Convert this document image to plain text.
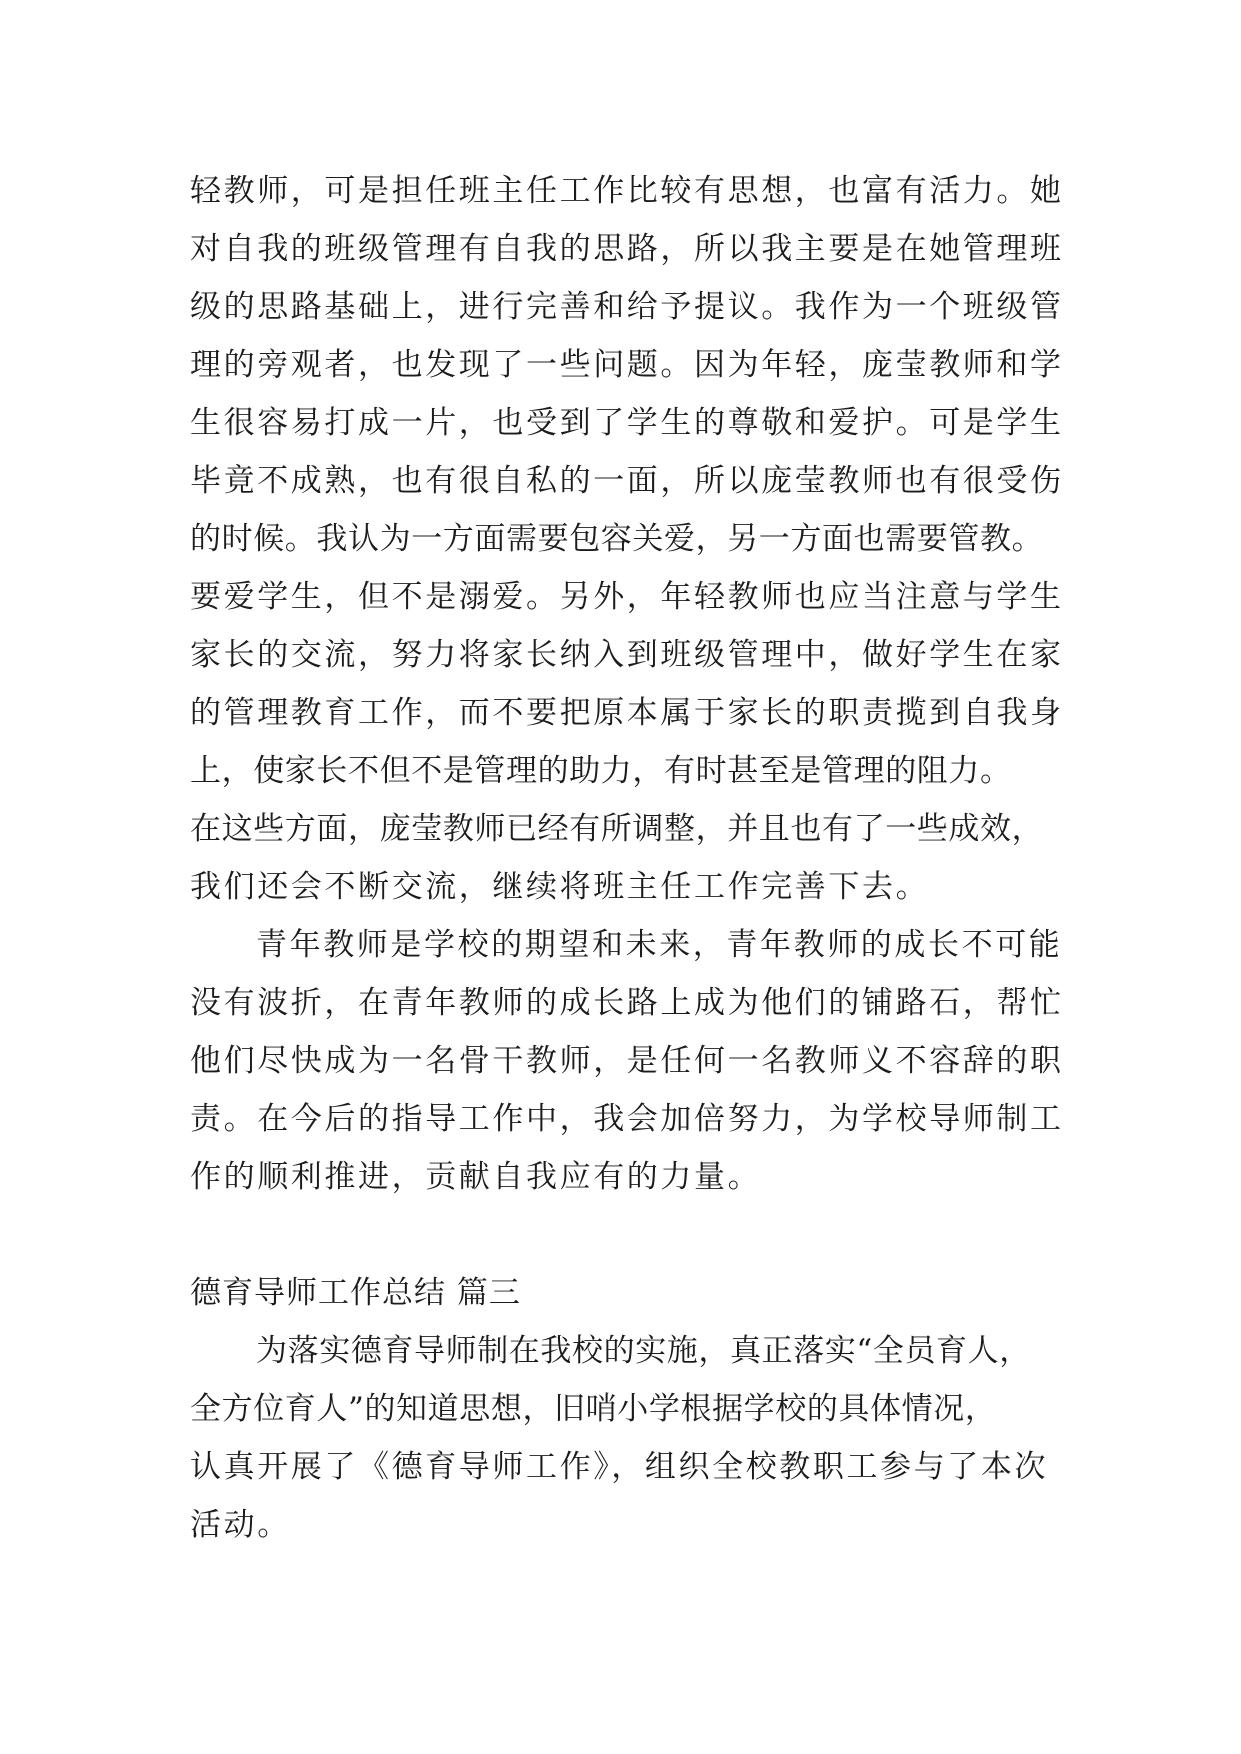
轻教师，可是担任班主任工作比较有思想，也富有活力。她
对自我的班级管理有自我的思路，所以我主要是在她管理班
级的思路基础上，进行完善和给予提议。我作为一个班级管
理的旁观者，也发现了一些问题。因为年轻，庞莹教师和学
生很容易打成一片，也受到了学生的尊敬和爱护。可是学生
毕竟不成熟，也有很自私的一面，所以庞莹教师也有很受伤
的时候。我认为一方面需要包容关爱，另一方面也需要管教。
要爱学生，但不是溺爱。另外，年轻教师也应当注意与学生
家长的交流，努力将家长纳入到班级管理中，做好学生在家
的管理教育工作，而不要把原本属于家长的职责揽到自我身
上，使家长不但不是管理的助力，有时甚至是管理的阻力。
在这些方面，庞莹教师已经有所调整，并且也有了一些成效，
我们还会不断交流，继续将班主任工作完善下去。
青年教师是学校的期望和未来，青年教师的成长不可能
没有波折，在青年教师的成长路上成为他们的铺路石，帮忙
他们尽快成为一名骨干教师，是任何一名教师义不容辞的职
责。在今后的指导工作中，我会加倍努力，为学校导师制工
作的顺利推进，贡献自我应有的力量。
德育导师工作总结 篇三
为落实德育导师制在我校的实施，真正落实“全员育人，
全方位育人”的知道思想，旧哨小学根据学校的具体情况，
认真开展了《德育导师工作》，组织全校教职工参与了本次
活动。
